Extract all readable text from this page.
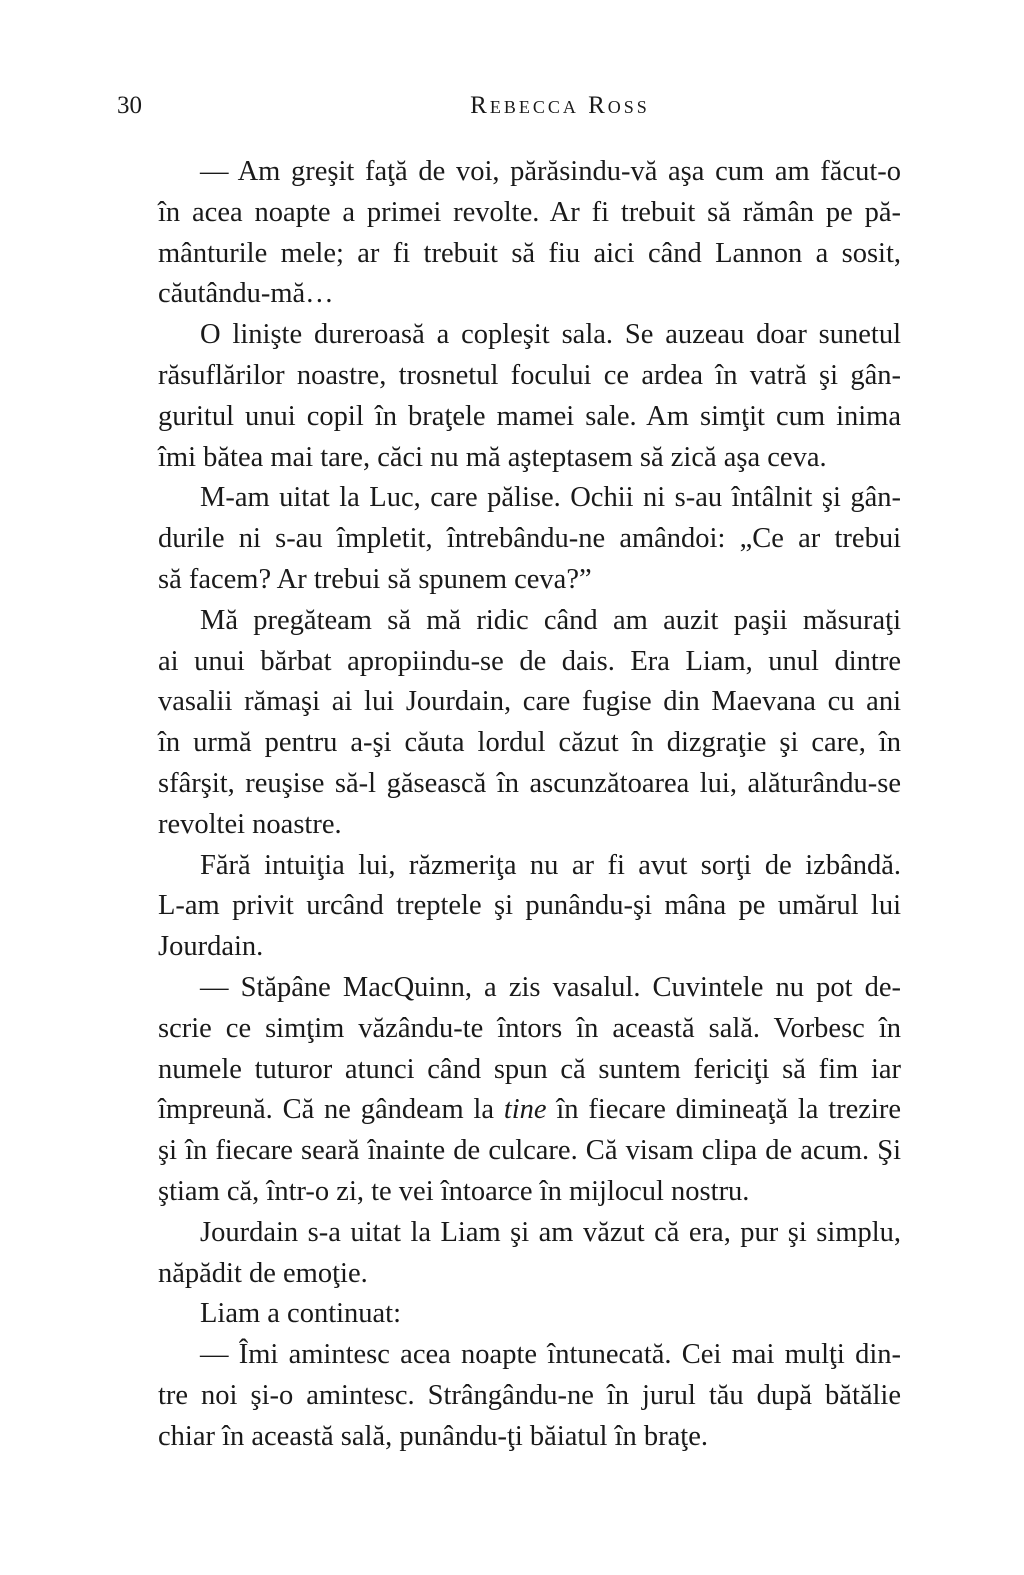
30	Rebecca Ross
— Am greşit faţă de voi, părăsindu-vă aşa cum am făcut-o
în acea noapte a primei revolte. Ar fi trebuit să rămân pe pă-
mânturile mele; ar fi trebuit să fiu aici când Lannon a sosit,
căutându-mă…
O linişte dureroasă a copleşit sala. Se auzeau doar sunetul
răsuflărilor noastre, trosnetul focului ce ardea în vatră şi gân-
guritul unui copil în braţele mamei sale. Am simţit cum inima
îmi bătea mai tare, căci nu mă aşteptasem să zică aşa ceva.
M-am uitat la Luc, care pălise. Ochii ni s-au întâlnit şi gân-
durile ni s-au împletit, întrebându-ne amândoi: „Ce ar trebui
să facem? Ar trebui să spunem ceva?”
Mă pregăteam să mă ridic când am auzit paşii măsuraţi
ai unui bărbat apropiindu-se de dais. Era Liam, unul dintre
vasalii rămaşi ai lui Jourdain, care fugise din Maevana cu ani
în urmă pentru a-şi căuta lordul căzut în dizgraţie şi care, în
sfârşit, reuşise să-l găsească în ascunzătoarea lui, alăturându-se
revoltei noastre.
Fără intuiţia lui, răzmeriţa nu ar fi avut sorţi de izbândă.
L-am privit urcând treptele şi punându-şi mâna pe umărul lui
Jourdain.
— Stăpâne MacQuinn, a zis vasalul. Cuvintele nu pot de-
scrie ce simţim văzându-te întors în această sală. Vorbesc în
numele tuturor atunci când spun că suntem fericiţi să fim iar
împreună. Că ne gândeam la tine în fiecare dimineaţă la trezire
şi în fiecare seară înainte de culcare. Că visam clipa de acum. Şi
ştiam că, într-o zi, te vei întoarce în mijlocul nostru.
Jourdain s-a uitat la Liam şi am văzut că era, pur şi simplu,
năpădit de emoţie.
Liam a continuat:
— Îmi amintesc acea noapte întunecată. Cei mai mulţi din-
tre noi şi-o amintesc. Strângându-ne în jurul tău după bătălie
chiar în această sală, punându-ţi băiatul în braţe.
